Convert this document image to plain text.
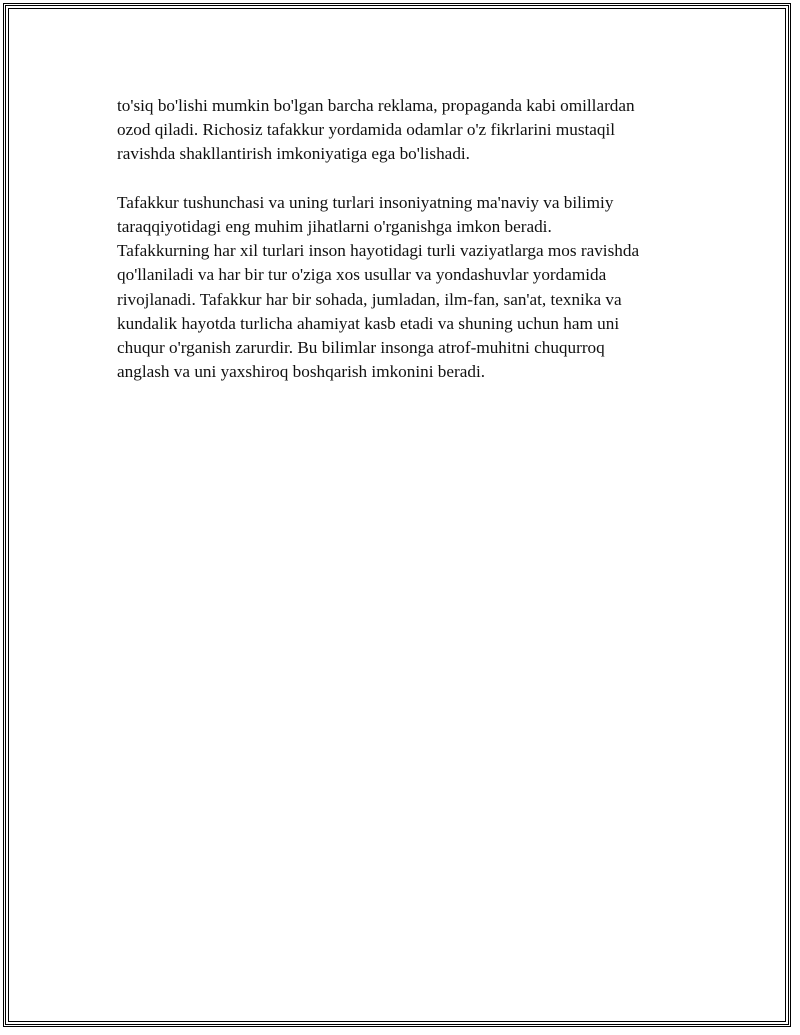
to'siq bo'lishi mumkin bo'lgan barcha reklama, propaganda kabi omillardan
ozod qiladi. Richosiz tafakkur yordamida odamlar o'z fikrlarini mustaqil
ravishda shakllantirish imkoniyatiga ega bo'lishadi.

Tafakkur tushunchasi va uning turlari insoniyatning ma'naviy va bilimiy
taraqqiyotidagi eng muhim jihatlarni o'rganishga imkon beradi.
Tafakkurning har xil turlari inson hayotidagi turli vaziyatlarga mos ravishda
qo'llaniladi va har bir tur o'ziga xos usullar va yondashuvlar yordamida
rivojlanadi. Tafakkur har bir sohada, jumladan, ilm-fan, san'at, texnika va
kundalik hayotda turlicha ahamiyat kasb etadi va shuning uchun ham uni
chuqur o'rganish zarurdir. Bu bilimlar insonga atrof-muhitni chuqurroq
anglash va uni yaxshiroq boshqarish imkonini beradi.
